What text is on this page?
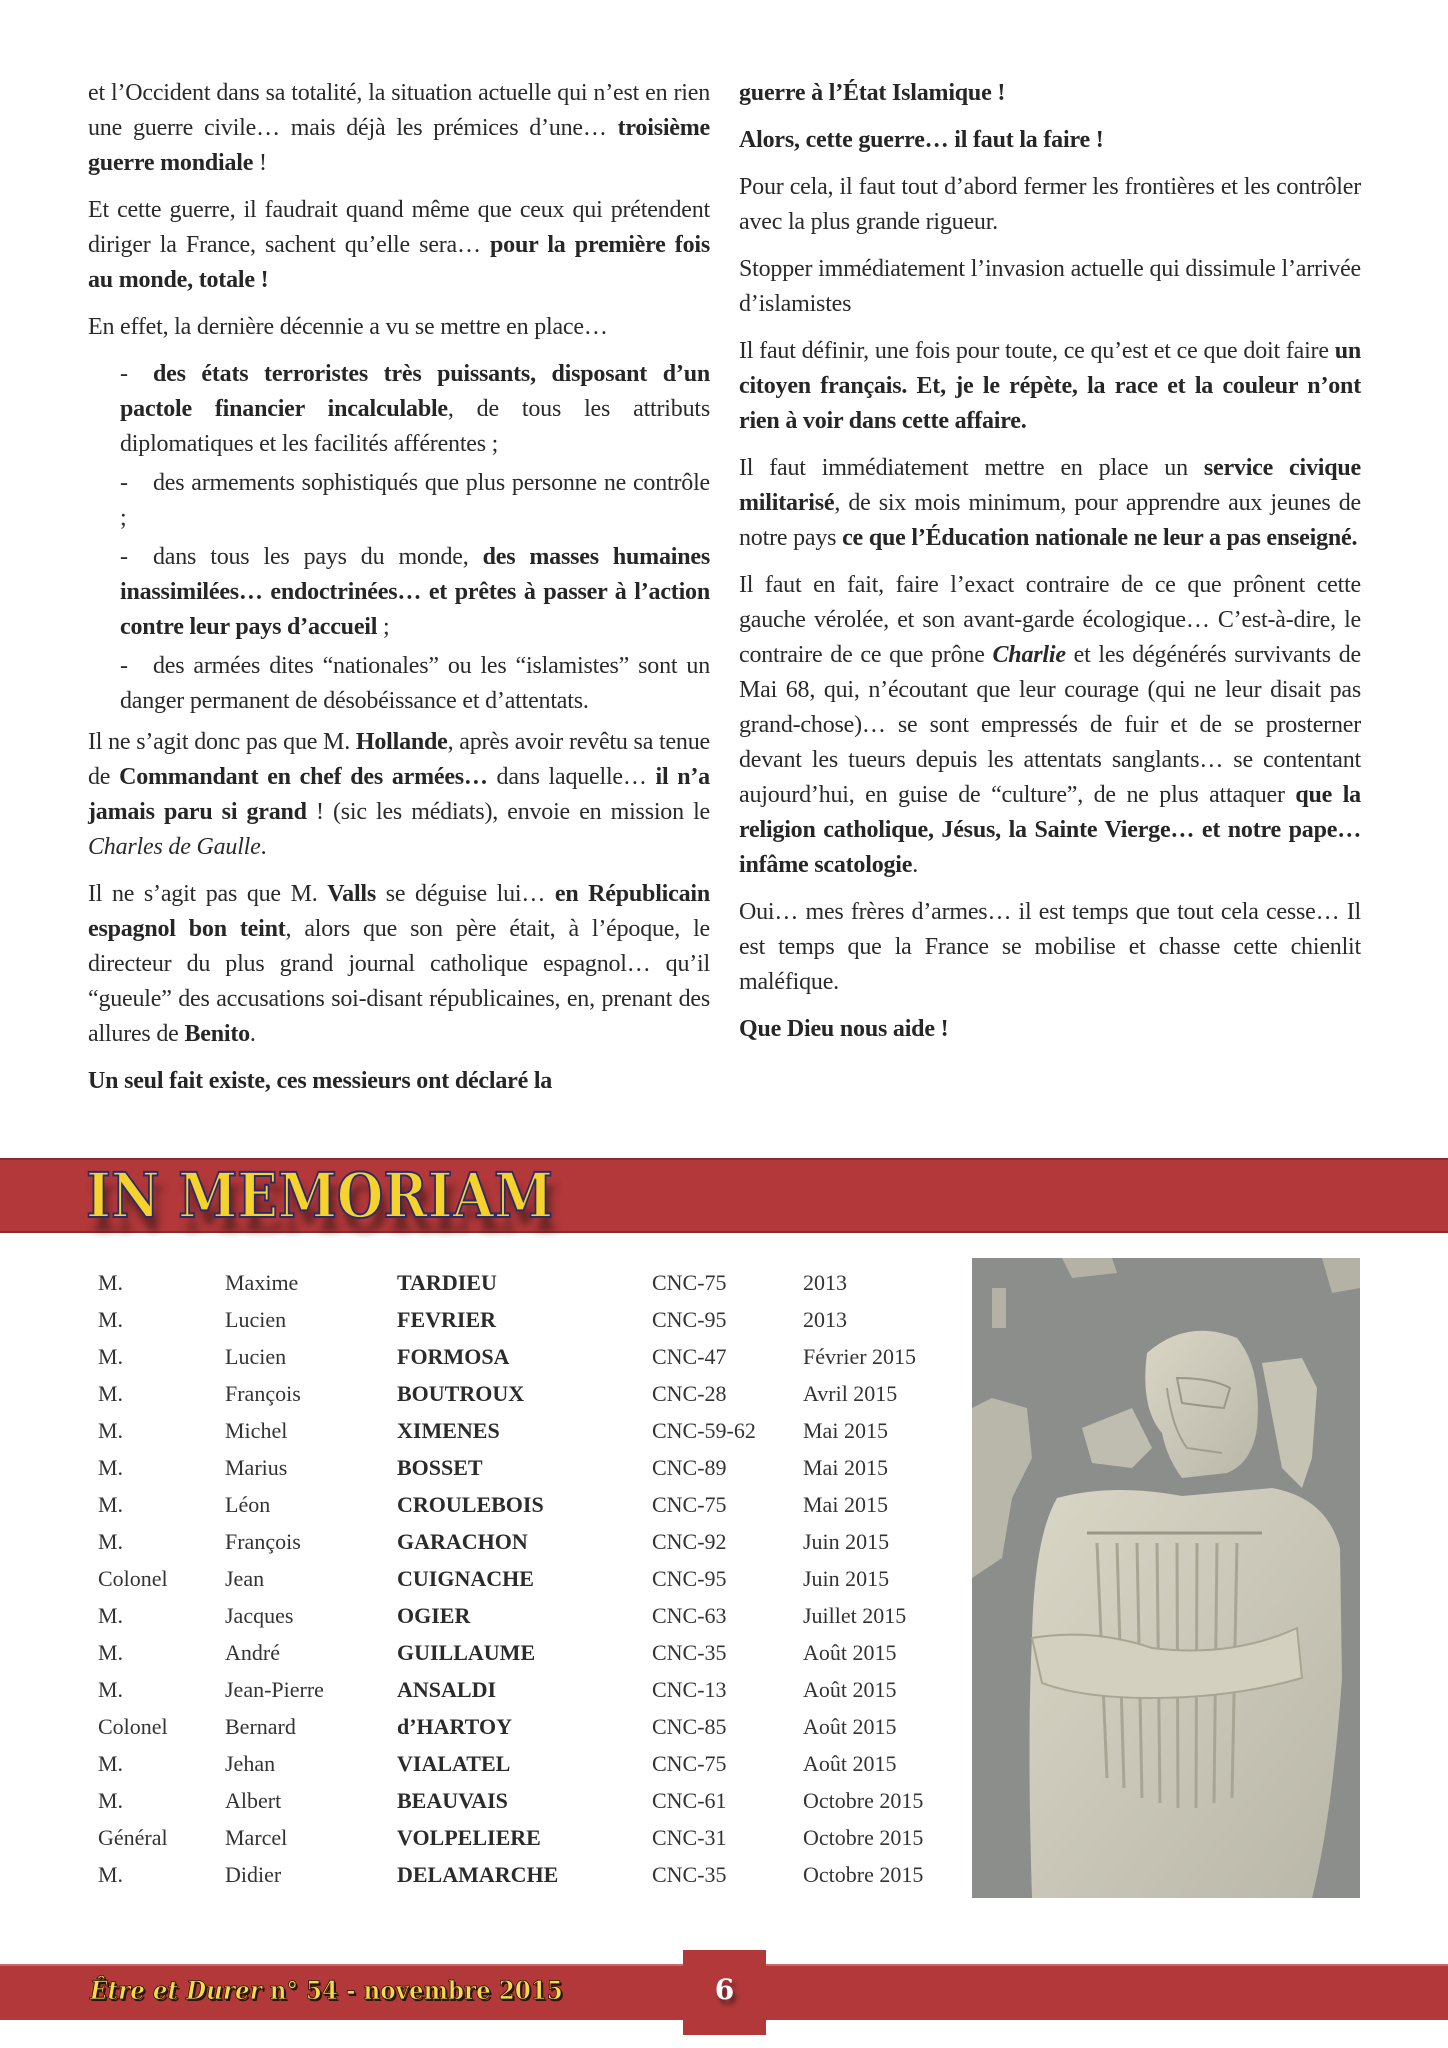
et l’Occident dans sa totalité, la situation actuelle qui n’est en rien une guerre civile… mais déjà les prémices d’une… troisième guerre mondiale !

Et cette guerre, il faudrait quand même que ceux qui prétendent diriger la France, sachent qu’elle sera… pour la première fois au monde, totale !

En effet, la dernière décennie a vu se mettre en place…

- des états terroristes très puissants, disposant d’un pactole financier incalculable, de tous les attributs diplomatiques et les facilités afférentes ;

- des armements sophistiqués que plus personne ne contrôle ;

- dans tous les pays du monde, des masses humaines inassimilées… endoctrinées… et prêtes à passer à l’action contre leur pays d’accueil ;

- des armées dites “nationales” ou les “islamistes” sont un danger permanent de désobéissance et d’attentats.

Il ne s’agit donc pas que M. Hollande, après avoir revêtu sa tenue de Commandant en chef des armées… dans laquelle… il n’a jamais paru si grand ! (sic les médiats), envoie en mission le Charles de Gaulle.

Il ne s’agit pas que M. Valls se déguise lui… en Républicain espagnol bon teint, alors que son père était, à l’époque, le directeur du plus grand journal catholique espagnol… qu’il “gueule” des accusations soi-disant républicaines, en, prenant des allures de Benito.

Un seul fait existe, ces messieurs ont déclaré la

guerre à l’État Islamique !

Alors, cette guerre… il faut la faire !

Pour cela, il faut tout d’abord fermer les frontières et les contrôler avec la plus grande rigueur.

Stopper immédiatement l’invasion actuelle qui dissimule l’arrivée d’islamistes

Il faut définir, une fois pour toute, ce qu’est et ce que doit faire un citoyen français. Et, je le répète, la race et la couleur n’ont rien à voir dans cette affaire.

Il faut immédiatement mettre en place un service civique militarisé, de six mois minimum, pour apprendre aux jeunes de notre pays ce que l’Éducation nationale ne leur a pas enseigné.

Il faut en fait, faire l’exact contraire de ce que prônent cette gauche vérolée, et son avant-garde écologique… C’est-à-dire, le contraire de ce que prône Charlie et les dégénérés survivants de Mai 68, qui, n’écoutant que leur courage (qui ne leur disait pas grand-chose)… se sont empressés de fuir et de se prosterner devant les tueurs depuis les attentats sanglants… se contentant aujourd’hui, en guise de “culture”, de ne plus attaquer que la religion catholique, Jésus, la Sainte Vierge… et notre pape… infâme scatologie.

Oui… mes frères d’armes… il est temps que tout cela cesse… Il est temps que la France se mobilise et chasse cette chienlit maléfique.

Que Dieu nous aide !

IN MEMORIAM
M.	Maxime	TARDIEU	CNC-75	2013
M.	Lucien	FEVRIER	CNC-95	2013
M.	Lucien	FORMOSA	CNC-47	Février 2015
M.	François	BOUTROUX	CNC-28	Avril 2015
M.	Michel	XIMENES	CNC-59-62 Mai 2015
M.	Marius	BOSSET	CNC-89	Mai 2015
M.	Léon	CROULEBOIS	CNC-75	Mai 2015
M.	François	GARACHON	CNC-92	Juin 2015
Colonel	Jean	CUIGNACHE	CNC-95	Juin 2015
M.	Jacques	OGIER	CNC-63	Juillet 2015
M.	André	GUILLAUME	CNC-35	Août 2015
M.	Jean-Pierre	ANSALDI	CNC-13	Août 2015
Colonel	Bernard	d’HARTOY	CNC-85	Août 2015
M.	Jehan	VIALATEL	CNC-75	Août 2015
M.	Albert	BEAUVAIS	CNC-61	Octobre 2015
Général	Marcel	VOLPELIERE	CNC-31	Octobre 2015
M.	Didier	DELAMARCHE	CNC-35	Octobre 2015
Être et Durer n° 54 - novembre 2015	6
